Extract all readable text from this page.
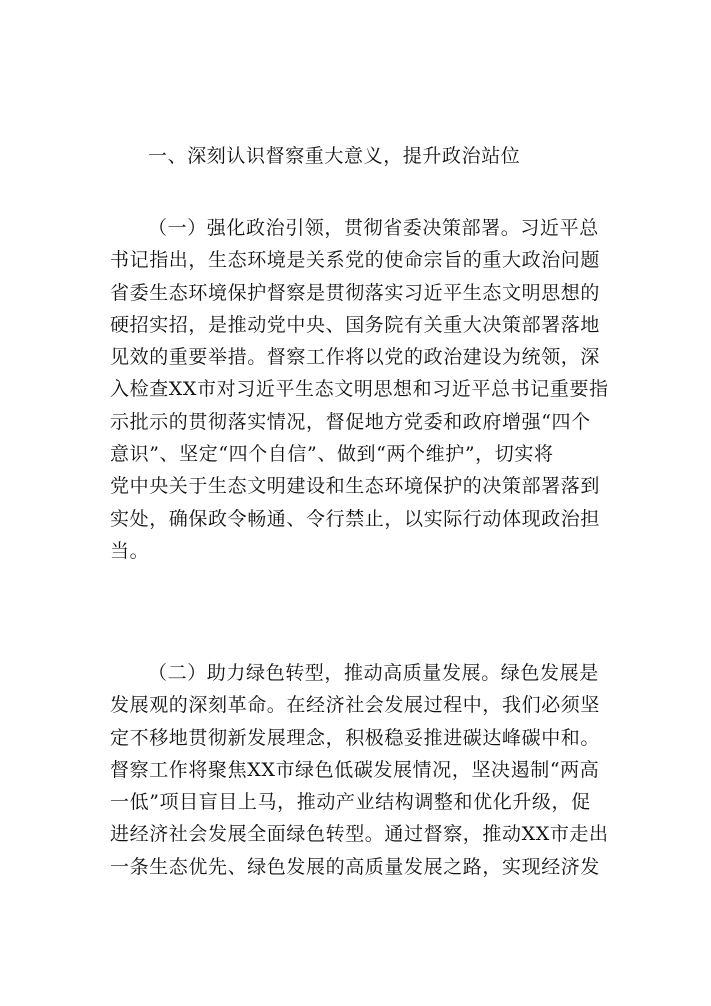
一、深刻认识督察重大意义，提升政治站位
（一）强化政治引领，贯彻省委决策部署。习近平总
书记指出，生态环境是关系党的使命宗旨的重大政治问题
省委生态环境保护督察是贯彻落实习近平生态文明思想的
硬招实招，是推动党中央、国务院有关重大决策部署落地
见效的重要举措。督察工作将以党的政治建设为统领，深
入检查XX市对习近平生态文明思想和习近平总书记重要指
示批示的贯彻落实情况，督促地方党委和政府增强“四个
意识”、坚定“四个自信”、做到“两个维护”，切实将
党中央关于生态文明建设和生态环境保护的决策部署落到
实处，确保政令畅通、令行禁止，以实际行动体现政治担
当。
（二）助力绿色转型，推动高质量发展。绿色发展是
发展观的深刻革命。在经济社会发展过程中，我们必须坚
定不移地贯彻新发展理念，积极稳妥推进碳达峰碳中和。
督察工作将聚焦XX市绿色低碳发展情况，坚决遏制“两高
一低”项目盲目上马，推动产业结构调整和优化升级，促
进经济社会发展全面绿色转型。通过督察，推动XX市走出
一条生态优先、绿色发展的高质量发展之路，实现经济发
